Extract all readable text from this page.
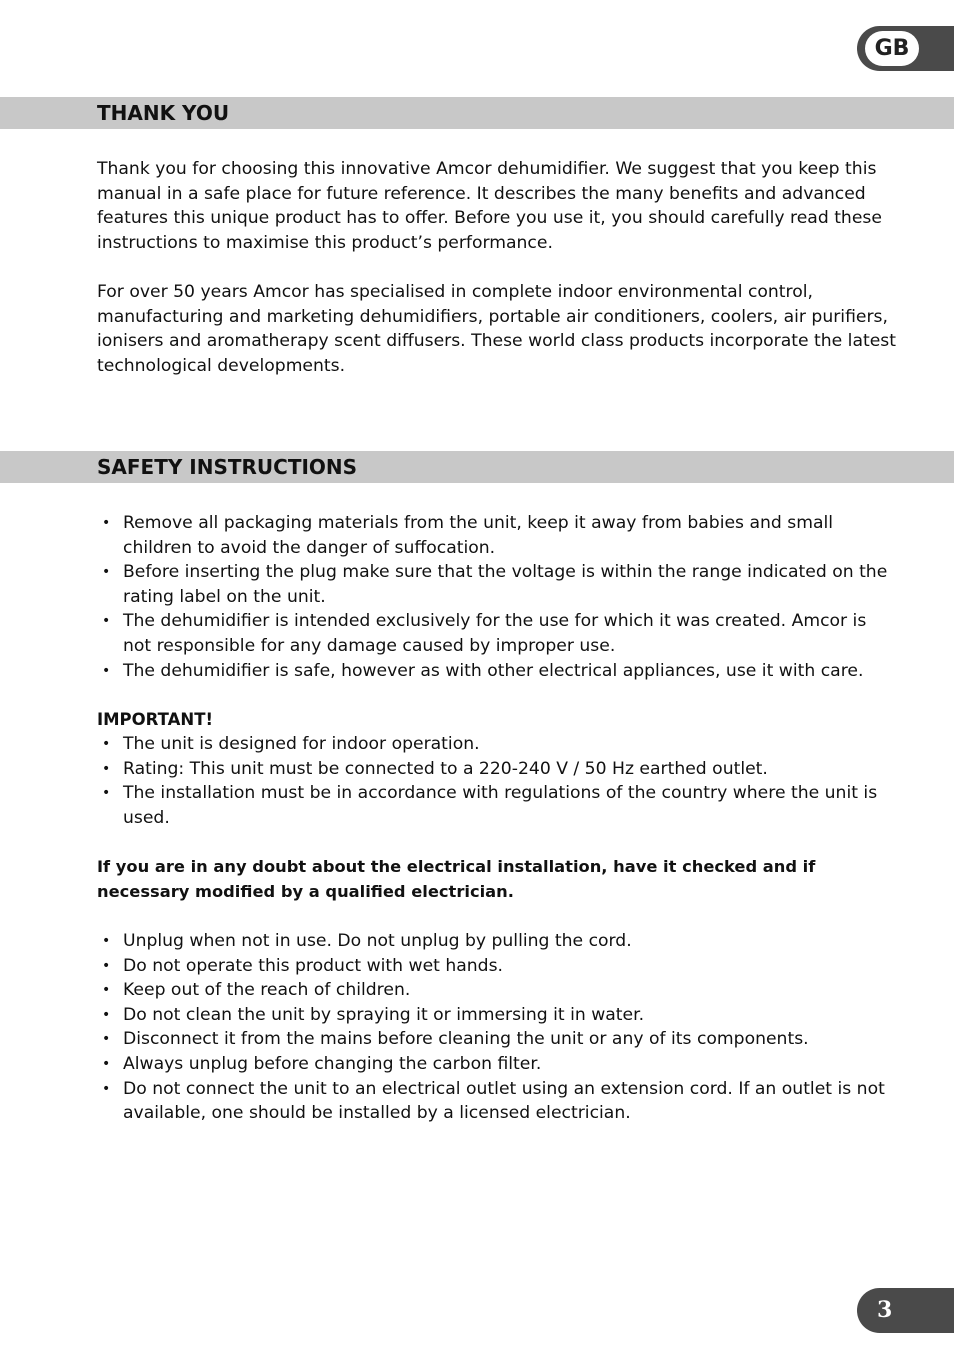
GB
THANK YOU

Thank you for choosing this innovative Amcor dehumidifier. We suggest that you keep this manual in a safe place for future reference. It describes the many benefits and advanced features this unique product has to offer. Before you use it, you should carefully read these instructions to maximise this product’s performance.

For over 50 years Amcor has specialised in complete indoor environmental control, manufacturing and marketing dehumidifiers, portable air conditioners, coolers, air purifiers, ionisers and aromatherapy scent diffusers. These world class products incorporate the latest technological developments.

SAFETY INSTRUCTIONS
• Remove all packaging materials from the unit, keep it away from babies and small children to avoid the danger of suffocation.
• Before inserting the plug make sure that the voltage is within the range indicated on the rating label on the unit.
• The dehumidifier is intended exclusively for the use for which it was created. Amcor is not responsible for any damage caused by improper use.
• The dehumidifier is safe, however as with other electrical appliances, use it with care.

IMPORTANT!

• The unit is designed for indoor operation.
• Rating: This unit must be connected to a 220-240 V / 50 Hz earthed outlet.
• The installation must be in accordance with regulations of the country where the unit is used.

If you are in any doubt about the electrical installation, have it checked and if necessary modified by a qualified electrician.

• Unplug when not in use. Do not unplug by pulling the cord.
• Do not operate this product with wet hands.
• Keep out of the reach of children.
• Do not clean the unit by spraying it or immersing it in water.
• Disconnect it from the mains before cleaning the unit or any of its components.
• Always unplug before changing the carbon filter.
• Do not connect the unit to an electrical outlet using an extension cord. If an outlet is not available, one should be installed by a licensed electrician.
3
